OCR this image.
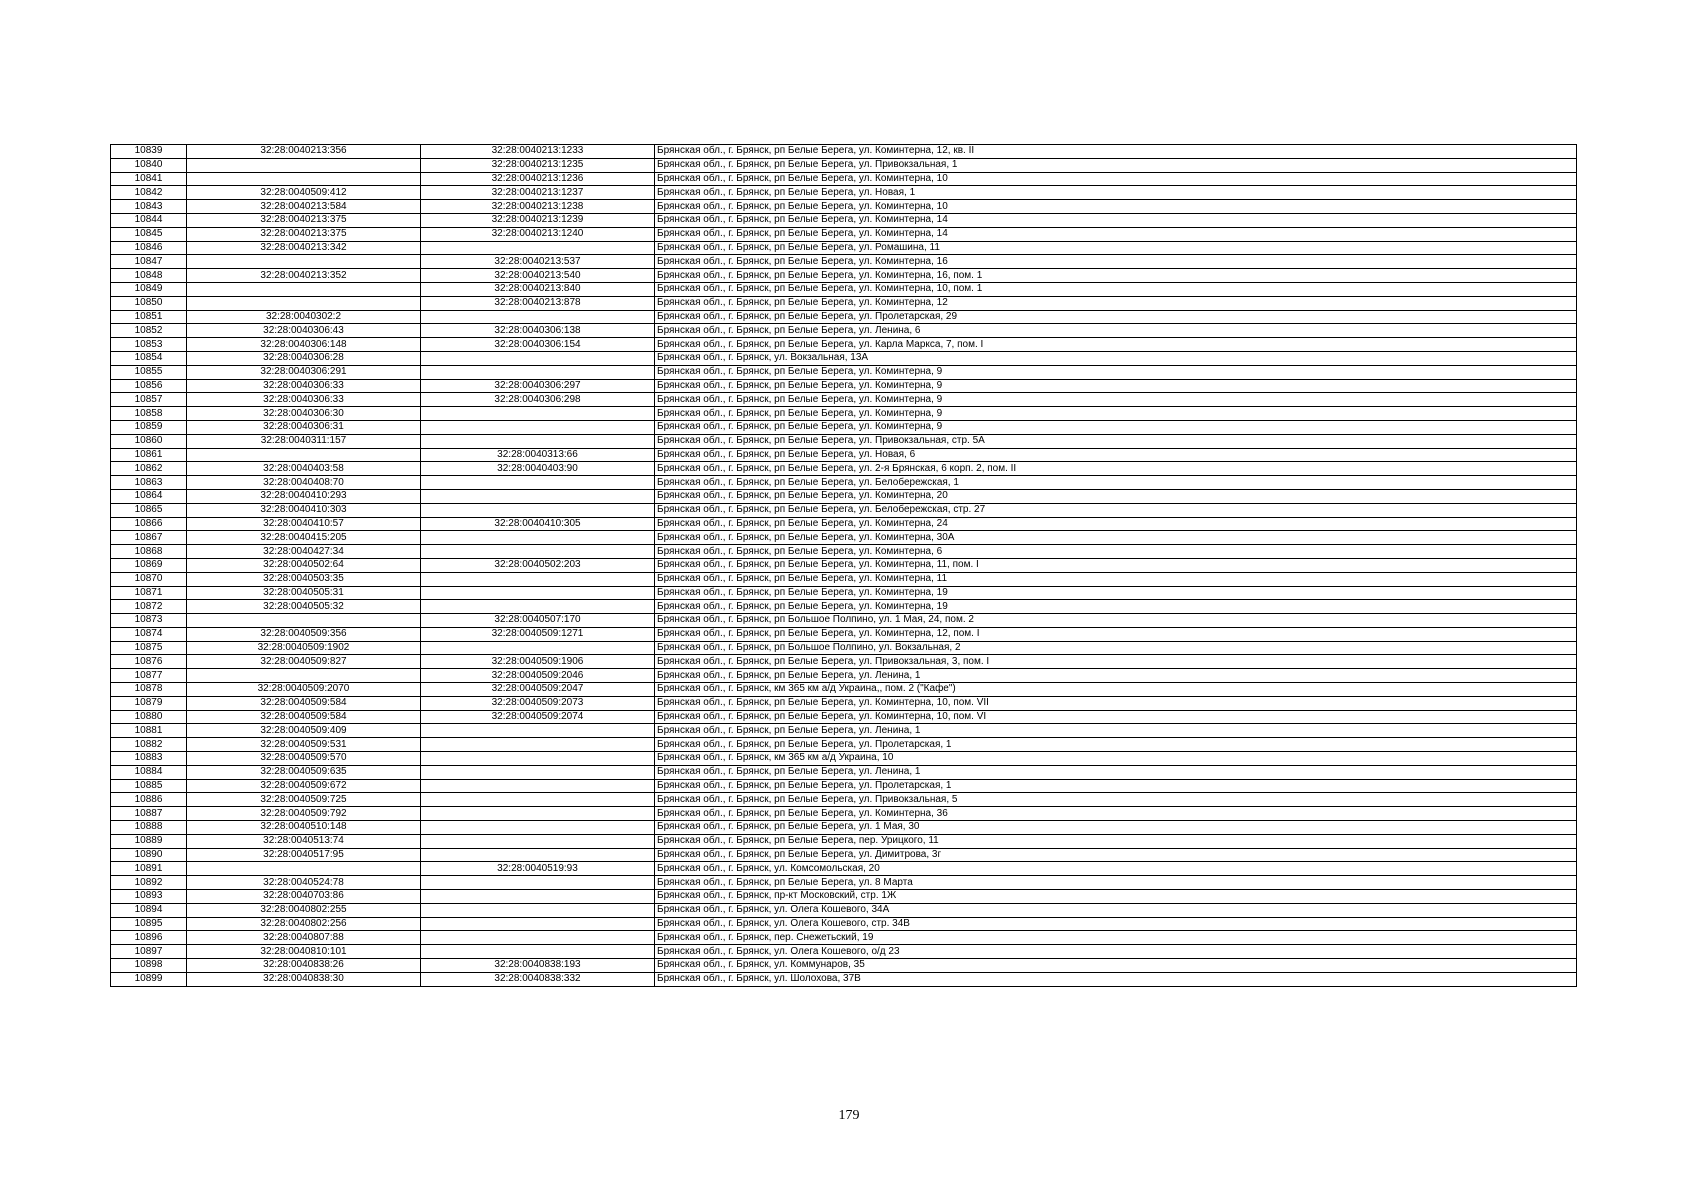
10839	32:28:0040213:356	32:28:0040213:1233	Брянская обл., г. Брянск, рп Белые Берега, ул. Коминтерна, 12, кв. II
10840		32:28:0040213:1235	Брянская обл., г. Брянск, рп Белые Берега, ул. Привокзальная, 1
10841		32:28:0040213:1236	Брянская обл., г. Брянск, рп Белые Берега, ул. Коминтерна, 10
10842	32:28:0040509:412	32:28:0040213:1237	Брянская обл., г. Брянск, рп Белые Берега, ул. Новая, 1
10843	32:28:0040213:584	32:28:0040213:1238	Брянская обл., г. Брянск, рп Белые Берега, ул. Коминтерна, 10
10844	32:28:0040213:375	32:28:0040213:1239	Брянская обл., г. Брянск, рп Белые Берега, ул. Коминтерна, 14
10845	32:28:0040213:375	32:28:0040213:1240	Брянская обл., г. Брянск, рп Белые Берега, ул. Коминтерна, 14
10846	32:28:0040213:342		Брянская обл., г. Брянск, рп Белые Берега, ул. Ромашина, 11
10847		32:28:0040213:537	Брянская обл., г. Брянск, рп Белые Берега, ул. Коминтерна, 16
10848	32:28:0040213:352	32:28:0040213:540	Брянская обл., г. Брянск, рп Белые Берега, ул. Коминтерна, 16, пом. 1
10849		32:28:0040213:840	Брянская обл., г. Брянск, рп Белые Берега, ул. Коминтерна, 10, пом. 1
10850		32:28:0040213:878	Брянская обл., г. Брянск, рп Белые Берега, ул. Коминтерна, 12
10851	32:28:0040302:2		Брянская обл., г. Брянск, рп Белые Берега, ул. Пролетарская, 29
10852	32:28:0040306:43	32:28:0040306:138	Брянская обл., г. Брянск, рп Белые Берега, ул. Ленина, 6
10853	32:28:0040306:148	32:28:0040306:154	Брянская обл., г. Брянск, рп Белые Берега, ул. Карла Маркса, 7, пом. I
10854	32:28:0040306:28		Брянская обл., г. Брянск, ул. Вокзальная, 13А
10855	32:28:0040306:291		Брянская обл., г. Брянск, рп Белые Берега, ул. Коминтерна, 9
10856	32:28:0040306:33	32:28:0040306:297	Брянская обл., г. Брянск, рп Белые Берега, ул. Коминтерна, 9
10857	32:28:0040306:33	32:28:0040306:298	Брянская обл., г. Брянск, рп Белые Берега, ул. Коминтерна, 9
10858	32:28:0040306:30		Брянская обл., г. Брянск, рп Белые Берега, ул. Коминтерна, 9
10859	32:28:0040306:31		Брянская обл., г. Брянск, рп Белые Берега, ул. Коминтерна, 9
10860	32:28:0040311:157		Брянская обл., г. Брянск, рп Белые Берега, ул. Привокзальная, стр. 5А
10861		32:28:0040313:66	Брянская обл., г. Брянск, рп Белые Берега, ул. Новая, 6
10862	32:28:0040403:58	32:28:0040403:90	Брянская обл., г. Брянск, рп Белые Берега, ул. 2-я Брянская, 6 корп. 2, пом. II
10863	32:28:0040408:70		Брянская обл., г. Брянск, рп Белые Берега, ул. Белобережская, 1
10864	32:28:0040410:293		Брянская обл., г. Брянск, рп Белые Берега, ул. Коминтерна, 20
10865	32:28:0040410:303		Брянская обл., г. Брянск, рп Белые Берега, ул. Белобережская, стр. 27
10866	32:28:0040410:57	32:28:0040410:305	Брянская обл., г. Брянск, рп Белые Берега, ул. Коминтерна, 24
10867	32:28:0040415:205		Брянская обл., г. Брянск, рп Белые Берега, ул. Коминтерна, 30А
10868	32:28:0040427:34		Брянская обл., г. Брянск, рп Белые Берега, ул. Коминтерна, 6
10869	32:28:0040502:64	32:28:0040502:203	Брянская обл., г. Брянск, рп Белые Берега, ул. Коминтерна, 11, пом. I
10870	32:28:0040503:35		Брянская обл., г. Брянск, рп Белые Берега, ул. Коминтерна, 11
10871	32:28:0040505:31		Брянская обл., г. Брянск, рп Белые Берега, ул. Коминтерна, 19
10872	32:28:0040505:32		Брянская обл., г. Брянск, рп Белые Берега, ул. Коминтерна, 19
10873		32:28:0040507:170	Брянская обл., г. Брянск, рп Большое Полпино, ул. 1 Мая, 24, пом. 2
10874	32:28:0040509:356	32:28:0040509:1271	Брянская обл., г. Брянск, рп Белые Берега, ул. Коминтерна, 12, пом. I
10875	32:28:0040509:1902		Брянская обл., г. Брянск, рп Большое Полпино, ул. Вокзальная, 2
10876	32:28:0040509:827	32:28:0040509:1906	Брянская обл., г. Брянск, рп Белые Берега, ул. Привокзальная, 3, пом. I
10877		32:28:0040509:2046	Брянская обл., г. Брянск, рп Белые Берега, ул. Ленина, 1
10878	32:28:0040509:2070	32:28:0040509:2047	Брянская обл., г. Брянск, км 365 км а/д Украина,, пом. 2 ("Кафе")
10879	32:28:0040509:584	32:28:0040509:2073	Брянская обл., г. Брянск, рп Белые Берега, ул. Коминтерна, 10, пом. VII
10880	32:28:0040509:584	32:28:0040509:2074	Брянская обл., г. Брянск, рп Белые Берега, ул. Коминтерна, 10, пом. VI
10881	32:28:0040509:409		Брянская обл., г. Брянск, рп Белые Берега, ул. Ленина, 1
10882	32:28:0040509:531		Брянская обл., г. Брянск, рп Белые Берега, ул. Пролетарская, 1
10883	32:28:0040509:570		Брянская обл., г. Брянск, км 365 км а/д Украина, 10
10884	32:28:0040509:635		Брянская обл., г. Брянск, рп Белые Берега, ул. Ленина, 1
10885	32:28:0040509:672		Брянская обл., г. Брянск, рп Белые Берега, ул. Пролетарская, 1
10886	32:28:0040509:725		Брянская обл., г. Брянск, рп Белые Берега, ул. Привокзальная, 5
10887	32:28:0040509:792		Брянская обл., г. Брянск, рп Белые Берега, ул. Коминтерна, 36
10888	32:28:0040510:148		Брянская обл., г. Брянск, рп Белые Берега, ул. 1 Мая, 30
10889	32:28:0040513:74		Брянская обл., г. Брянск, рп Белые Берега, пер. Урицкого, 11
10890	32:28:0040517:95		Брянская обл., г. Брянск, рп Белые Берега, ул. Димитрова, 3г
10891		32:28:0040519:93	Брянская обл., г. Брянск, ул. Комсомольская, 20
10892	32:28:0040524:78		Брянская обл., г. Брянск, рп Белые Берега, ул. 8 Марта
10893	32:28:0040703:86		Брянская обл., г. Брянск, пр-кт Московский, стр. 1Ж
10894	32:28:0040802:255		Брянская обл., г. Брянск, ул. Олега Кошевого, 34А
10895	32:28:0040802:256		Брянская обл., г. Брянск, ул. Олега Кошевого, стр. 34В
10896	32:28:0040807:88		Брянская обл., г. Брянск, пер. Снежетьский, 19
10897	32:28:0040810:101		Брянская обл., г. Брянск, ул. Олега Кошевого, о/д 23
10898	32:28:0040838:26	32:28:0040838:193	Брянская обл., г. Брянск, ул. Коммунаров, 35
10899	32:28:0040838:30	32:28:0040838:332	Брянская обл., г. Брянск, ул. Шолохова, 37В
179
